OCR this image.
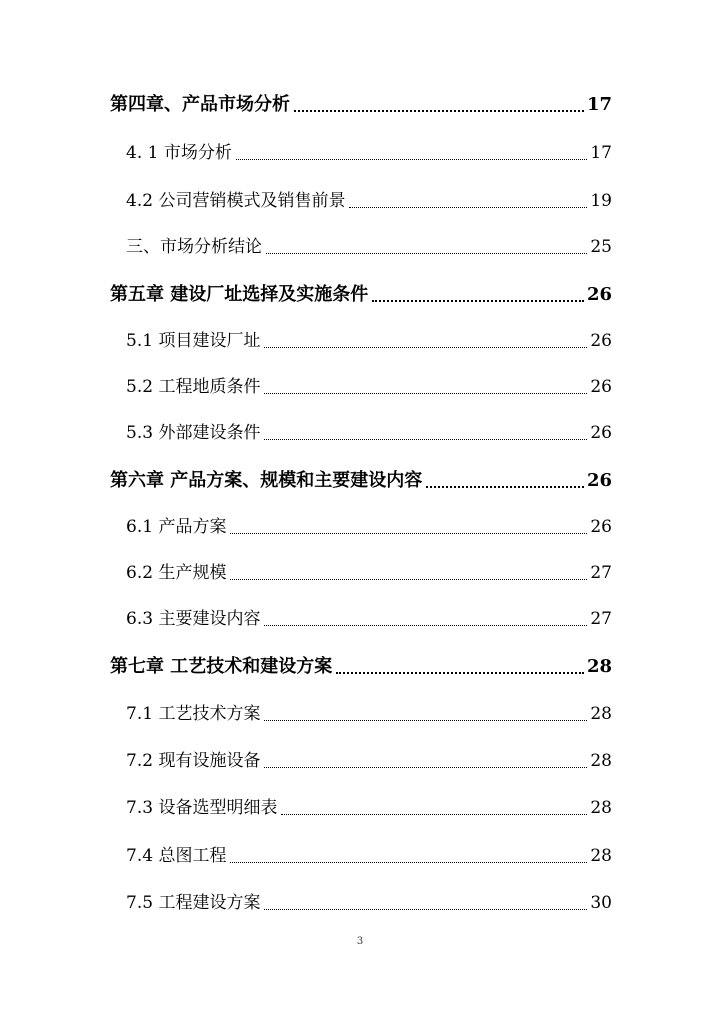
第四章、产品市场分析	17
4. 1 市场分析	17
4.2 公司营销模式及销售前景	19
三、市场分析结论	25
第五章 建设厂址选择及实施条件	26
5.1 项目建设厂址	26
5.2 工程地质条件	26
5.3 外部建设条件	26
第六章 产品方案、规模和主要建设内容	26
6.1 产品方案	26
6.2 生产规模	27
6.3 主要建设内容	27
第七章 工艺技术和建设方案	28
7.1 工艺技术方案	28
7.2 现有设施设备	28
7.3 设备选型明细表	28
7.4 总图工程	28
7.5 工程建设方案	30
3
